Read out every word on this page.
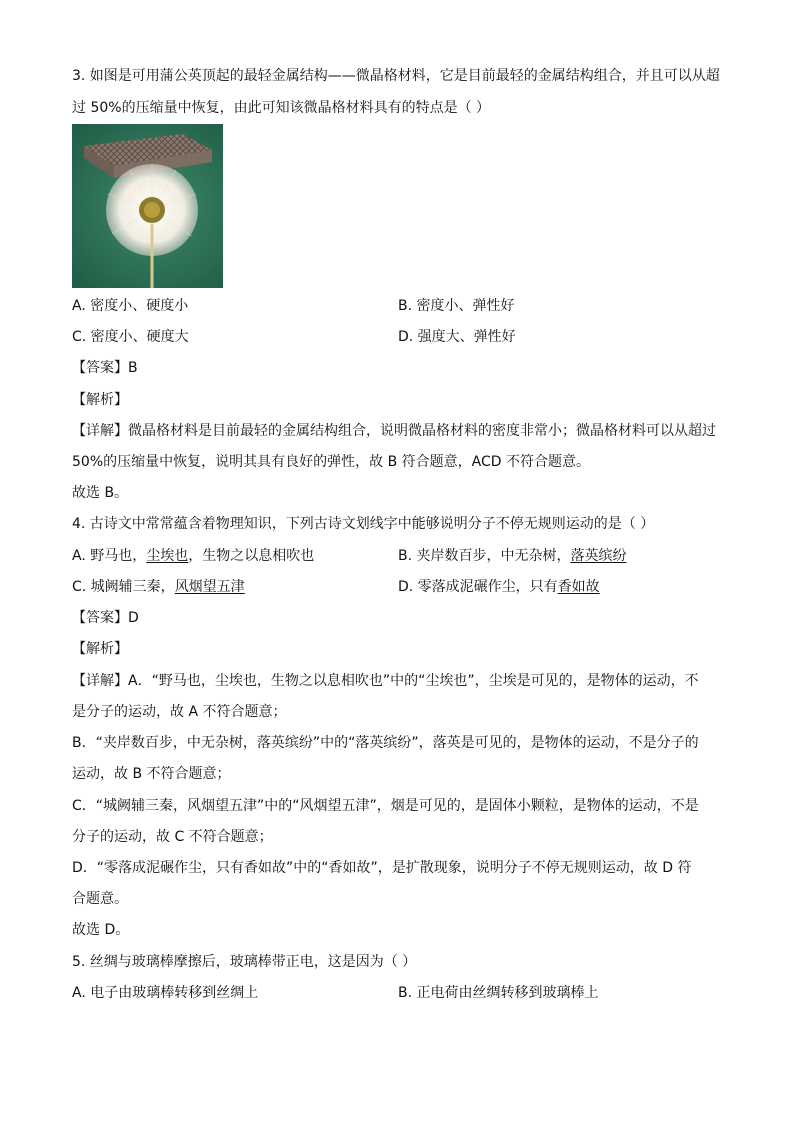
3. 如图是可用蒲公英顶起的最轻金属结构——微晶格材料，它是目前最轻的金属结构组合，并且可以从超
过 50%的压缩量中恢复，由此可知该微晶格材料具有的特点是（ ）
A. 密度小、硬度小	B. 密度小、弹性好
C. 密度小、硬度大	D. 强度大、弹性好
【答案】B
【解析】
【详解】微晶格材料是目前最轻的金属结构组合，说明微晶格材料的密度非常小；微晶格材料可以从超过
50%的压缩量中恢复，说明其具有良好的弹性，故 B 符合题意，ACD 不符合题意。
故选 B。
4. 古诗文中常常蕴含着物理知识，下列古诗文划线字中能够说明分子不停无规则运动的是（ ）
A. 野马也，尘埃也，生物之以息相吹也	B. 夹岸数百步，中无杂树，落英缤纷
C. 城阙辅三秦，风烟望五津	D. 零落成泥碾作尘，只有香如故
【答案】D
【解析】
【详解】A．“野马也，尘埃也，生物之以息相吹也”中的“尘埃也”，尘埃是可见的，是物体的运动，不
是分子的运动，故 A 不符合题意；
B．“夹岸数百步，中无杂树，落英缤纷”中的“落英缤纷”，落英是可见的，是物体的运动，不是分子的
运动，故 B 不符合题意；
C．“城阙辅三秦，风烟望五津”中的“风烟望五津”，烟是可见的，是固体小颗粒，是物体的运动，不是
分子的运动，故 C 不符合题意；
D．“零落成泥碾作尘，只有香如故”中的“香如故”，是扩散现象，说明分子不停无规则运动，故 D 符
合题意。
故选 D。
5. 丝绸与玻璃棒摩擦后，玻璃棒带正电，这是因为（ ）
A. 电子由玻璃棒转移到丝绸上	B. 正电荷由丝绸转移到玻璃棒上
